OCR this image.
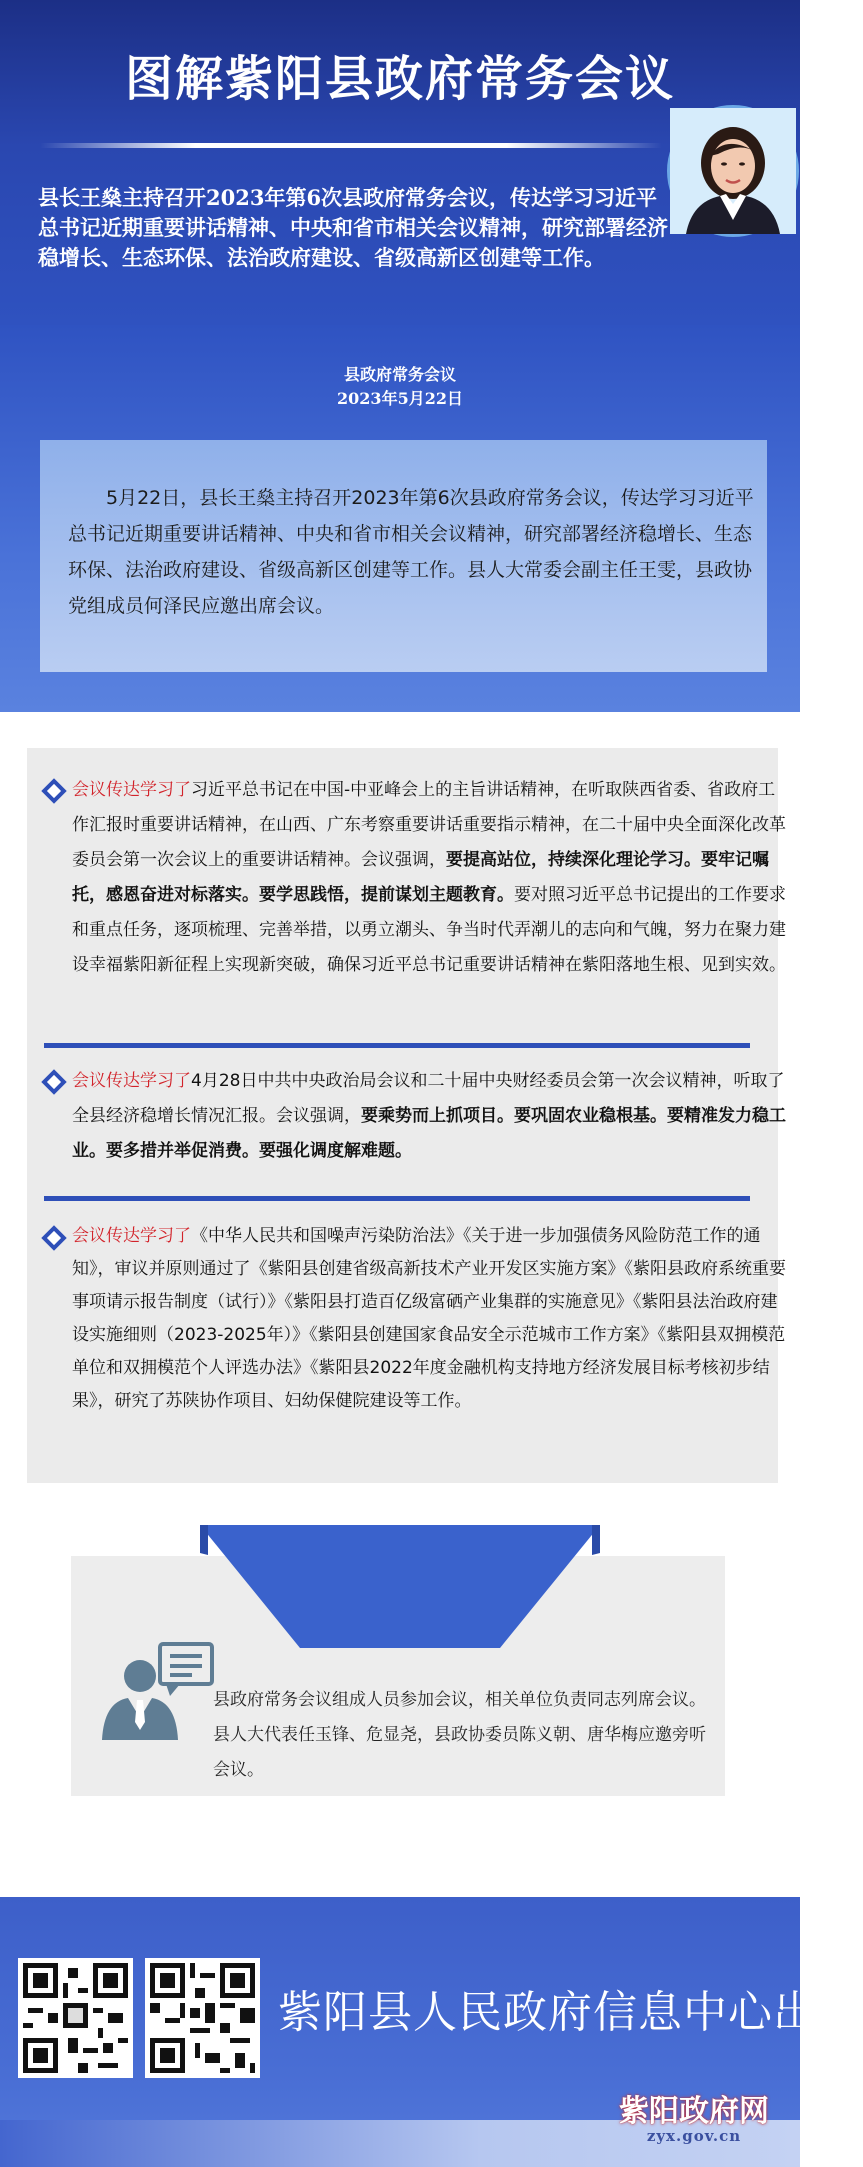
图解紫阳县政府常务会议
县长王燊主持召开2023年第6次县政府常务会议，传达学习习近平总书记近期重要讲话精神、中央和省市相关会议精神，研究部署经济稳增长、生态环保、法治政府建设、省级高新区创建等工作。
县政府常务会议
2023年5月22日
5月22日，县长王燊主持召开2023年第6次县政府常务会议，传达学习习近平总书记近期重要讲话精神、中央和省市相关会议精神，研究部署经济稳增长、生态环保、法治政府建设、省级高新区创建等工作。县人大常委会副主任王雯，县政协党组成员何泽民应邀出席会议。
会议传达学习了习近平总书记在中国-中亚峰会上的主旨讲话精神，在听取陕西省委、省政府工作汇报时重要讲话精神，在山西、广东考察重要讲话重要指示精神，在二十届中央全面深化改革委员会第一次会议上的重要讲话精神。会议强调，要提高站位，持续深化理论学习。要牢记嘱托，感恩奋进对标落实。要学思践悟，提前谋划主题教育。要对照习近平总书记提出的工作要求和重点任务，逐项梳理、完善举措，以勇立潮头、争当时代弄潮儿的志向和气魄，努力在聚力建设幸福紫阳新征程上实现新突破，确保习近平总书记重要讲话精神在紫阳落地生根、见到实效。
会议传达学习了4月28日中共中央政治局会议和二十届中央财经委员会第一次会议精神，听取了全县经济稳增长情况汇报。会议强调，要乘势而上抓项目。要巩固农业稳根基。要精准发力稳工业。要多措并举促消费。要强化调度解难题。
会议传达学习了《中华人民共和国噪声污染防治法》《关于进一步加强债务风险防范工作的通知》，审议并原则通过了《紫阳县创建省级高新技术产业开发区实施方案》《紫阳县政府系统重要事项请示报告制度（试行）》《紫阳县打造百亿级富硒产业集群的实施意见》《紫阳县法治政府建设实施细则（2023-2025年）》《紫阳县创建国家食品安全示范城市工作方案》《紫阳县双拥模范单位和双拥模范个人评选办法》《紫阳县2022年度金融机构支持地方经济发展目标考核初步结果》，研究了苏陕协作项目、妇幼保健院建设等工作。
县政府常务会议组成人员参加会议，相关单位负责同志列席会议。县人大代表任玉锋、危显尧，县政协委员陈义朝、唐华梅应邀旁听会议。
紫阳县人民政府信息中心出品
紫阳政府网
zyx.gov.cn
